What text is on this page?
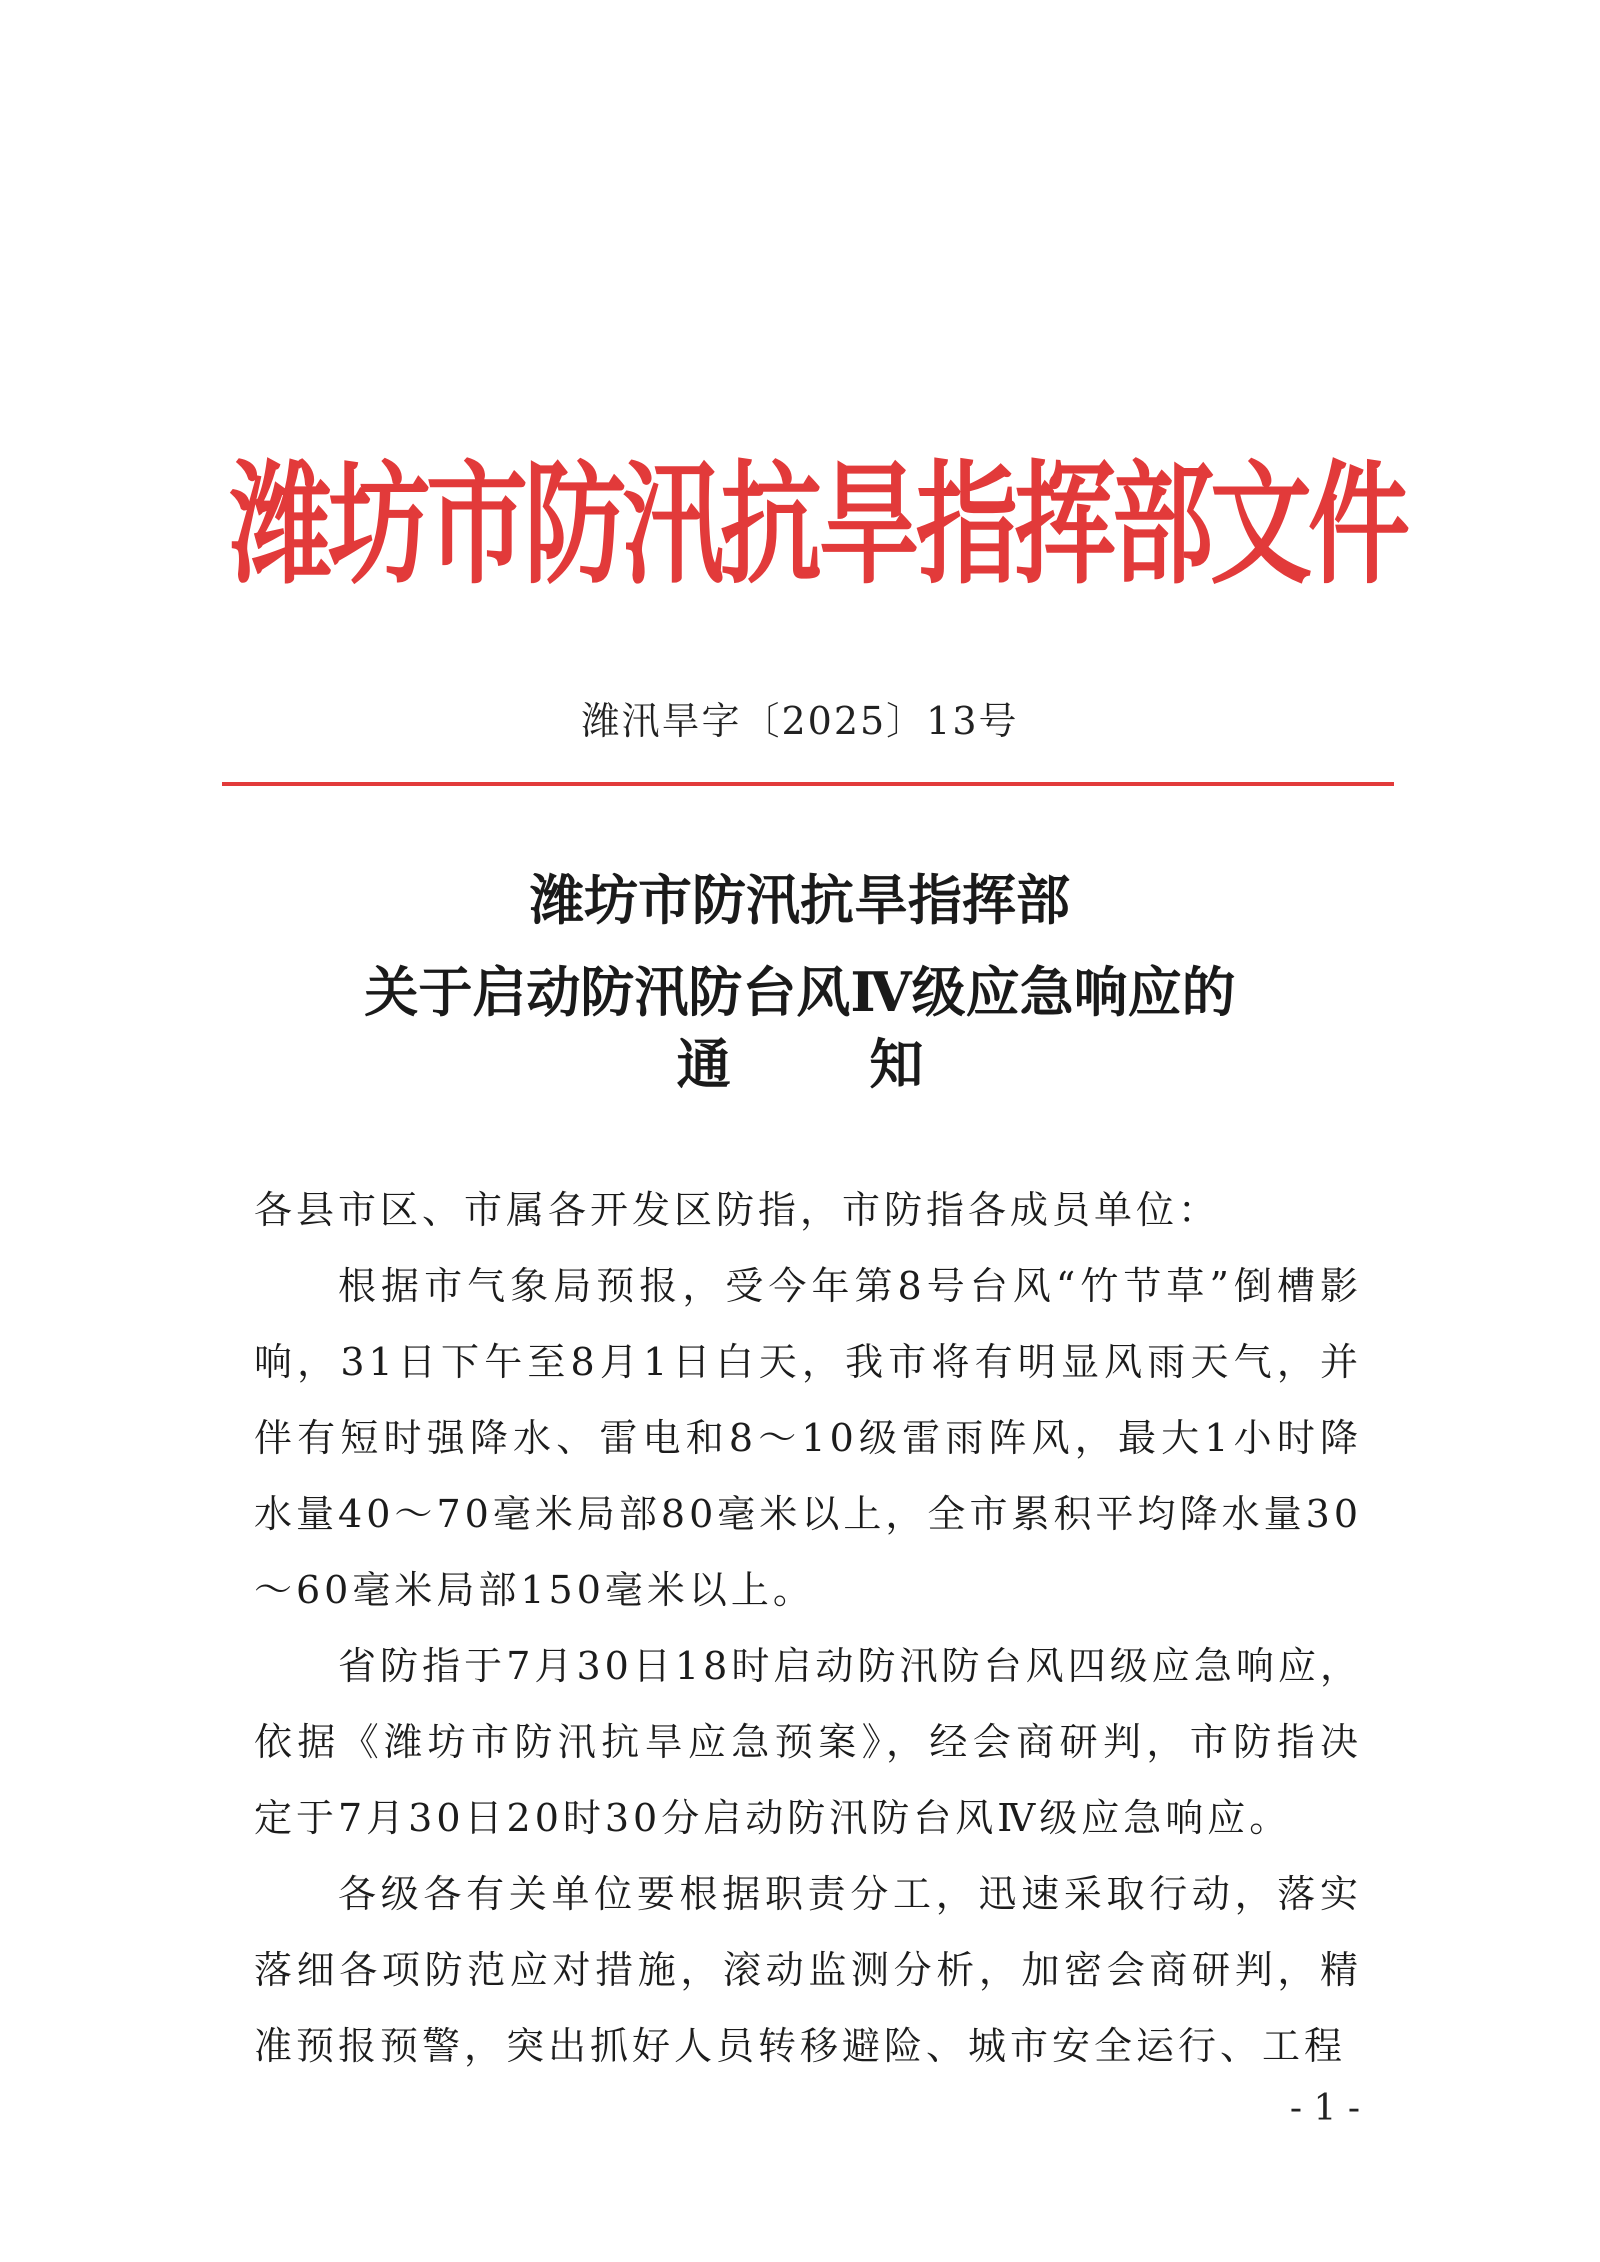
潍坊市防汛抗旱指挥部文件
潍汛旱字〔2025〕13号
潍坊市防汛抗旱指挥部
关于启动防汛防台风Ⅳ级应急响应的
通 知
各县市区、市属各开发区防指，市防指各成员单位：
根据市气象局预报，受今年第8号台风“竹节草”倒槽影响，31日下午至8月1日白天，我市将有明显风雨天气，并伴有短时强降水、雷电和8～10级雷雨阵风，最大1小时降水量40～70毫米局部80毫米以上，全市累积平均降水量30～60毫米局部150毫米以上。
省防指于7月30日18时启动防汛防台风四级应急响应，依据《潍坊市防汛抗旱应急预案》，经会商研判，市防指决定于7月30日20时30分启动防汛防台风Ⅳ级应急响应。
各级各有关单位要根据职责分工，迅速采取行动，落实落细各项防范应对措施，滚动监测分析，加密会商研判，精准预报预警，突出抓好人员转移避险、城市安全运行、工程
- 1 -
